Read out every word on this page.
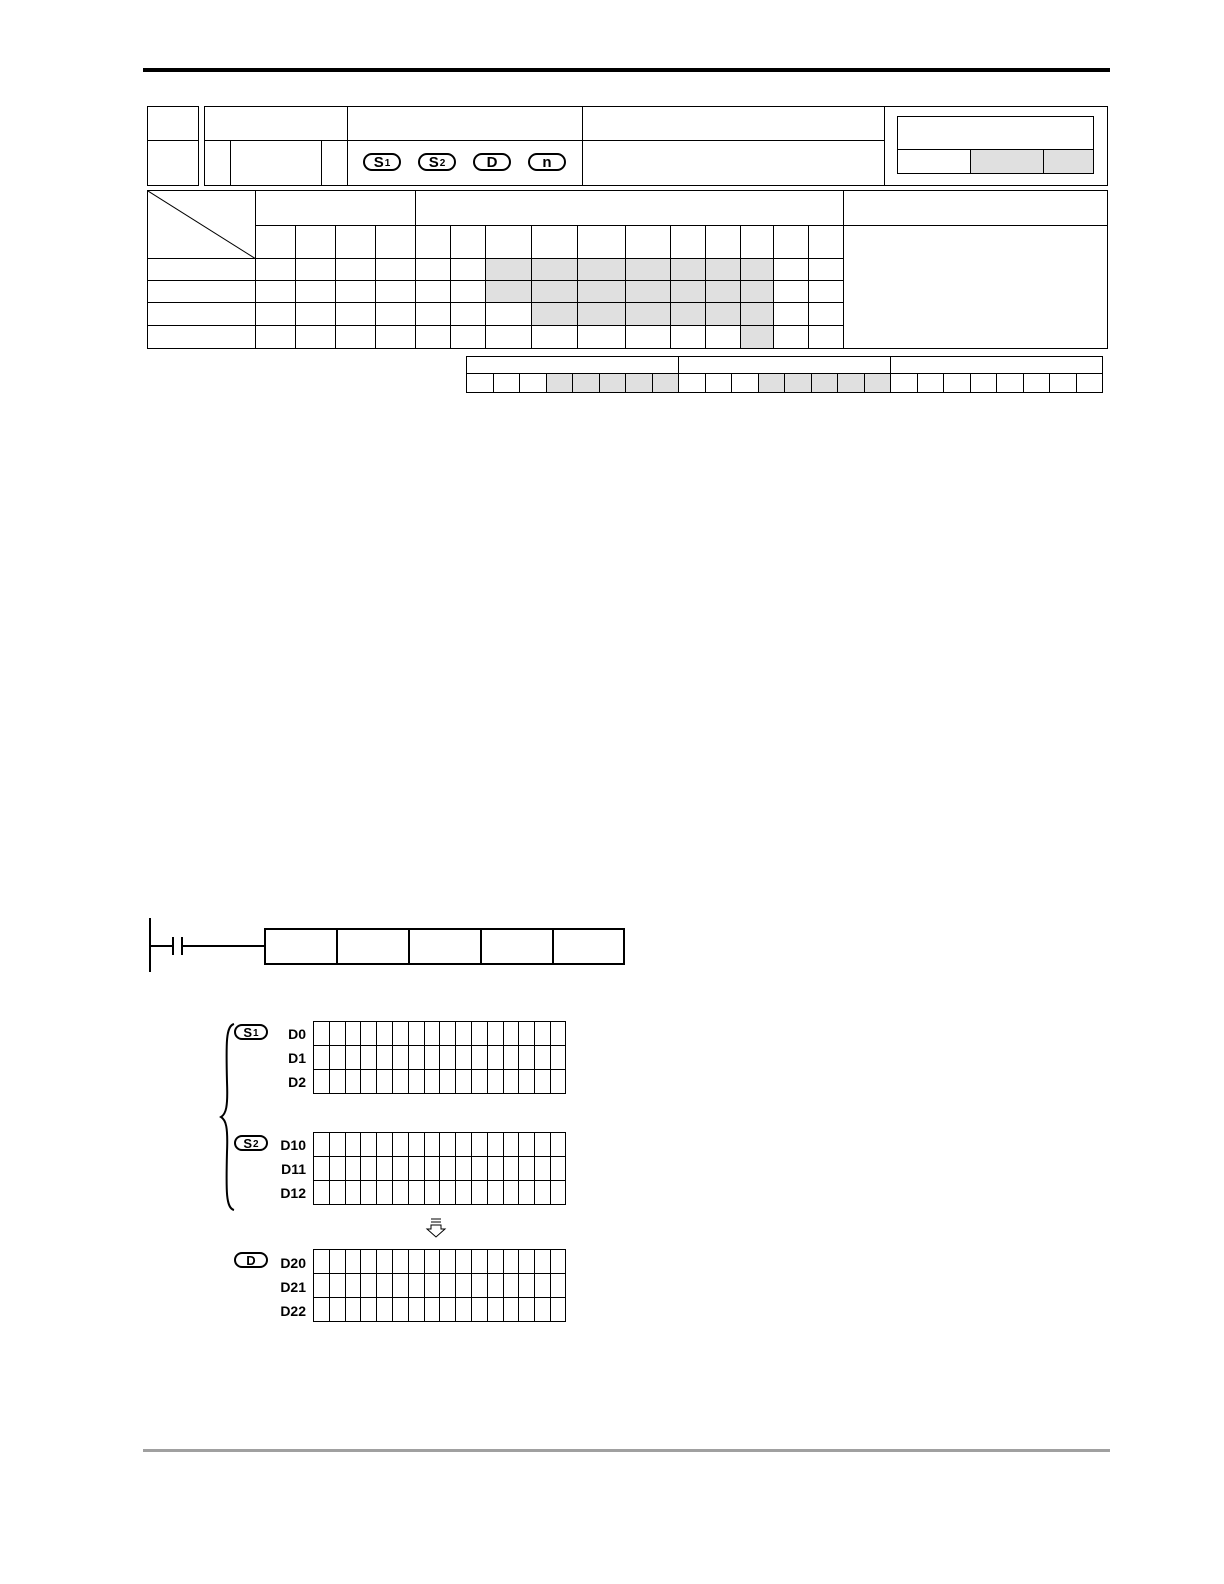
$S_1$	$S_2$	D	n

$S_1$
$S_2$
D
D0
D1
D2
D10
D11
D12
D20
D21
D22
